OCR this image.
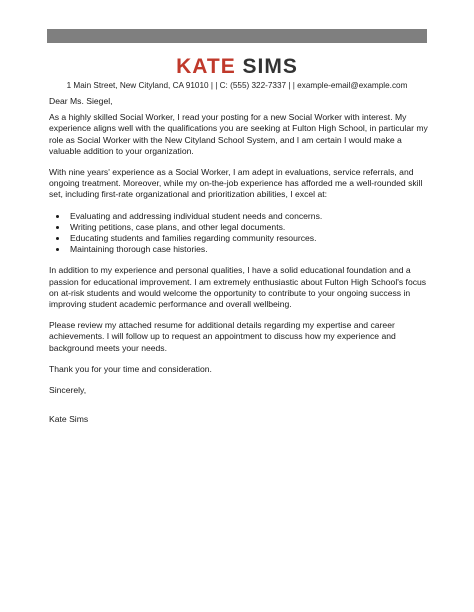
KATE SIMS
1 Main Street, New Cityland, CA 91010 | | C: (555) 322-7337 | | example-email@example.com

Dear Ms. Siegel,

As a highly skilled Social Worker, I read your posting for a new Social Worker with interest. My experience aligns well with the qualifications you are seeking at Fulton High School, in particular my role as Social Worker with the New Cityland School System, and I am certain I would make a valuable addition to your organization.

With nine years' experience as a Social Worker, I am adept in evaluations, service referrals, and ongoing treatment. Moreover, while my on-the-job experience has afforded me a well-rounded skill set, including first-rate organizational and prioritization abilities, I excel at:

• Evaluating and addressing individual student needs and concerns.
• Writing petitions, case plans, and other legal documents.
• Educating students and families regarding community resources.
• Maintaining thorough case histories.

In addition to my experience and personal qualities, I have a solid educational foundation and a passion for educational improvement. I am extremely enthusiastic about Fulton High School's focus on at-risk students and would welcome the opportunity to contribute to your ongoing success in improving student academic performance and overall wellbeing.

Please review my attached resume for additional details regarding my expertise and career achievements. I will follow up to request an appointment to discuss how my experience and background meets your needs.

Thank you for your time and consideration.

Sincerely,

Kate Sims
